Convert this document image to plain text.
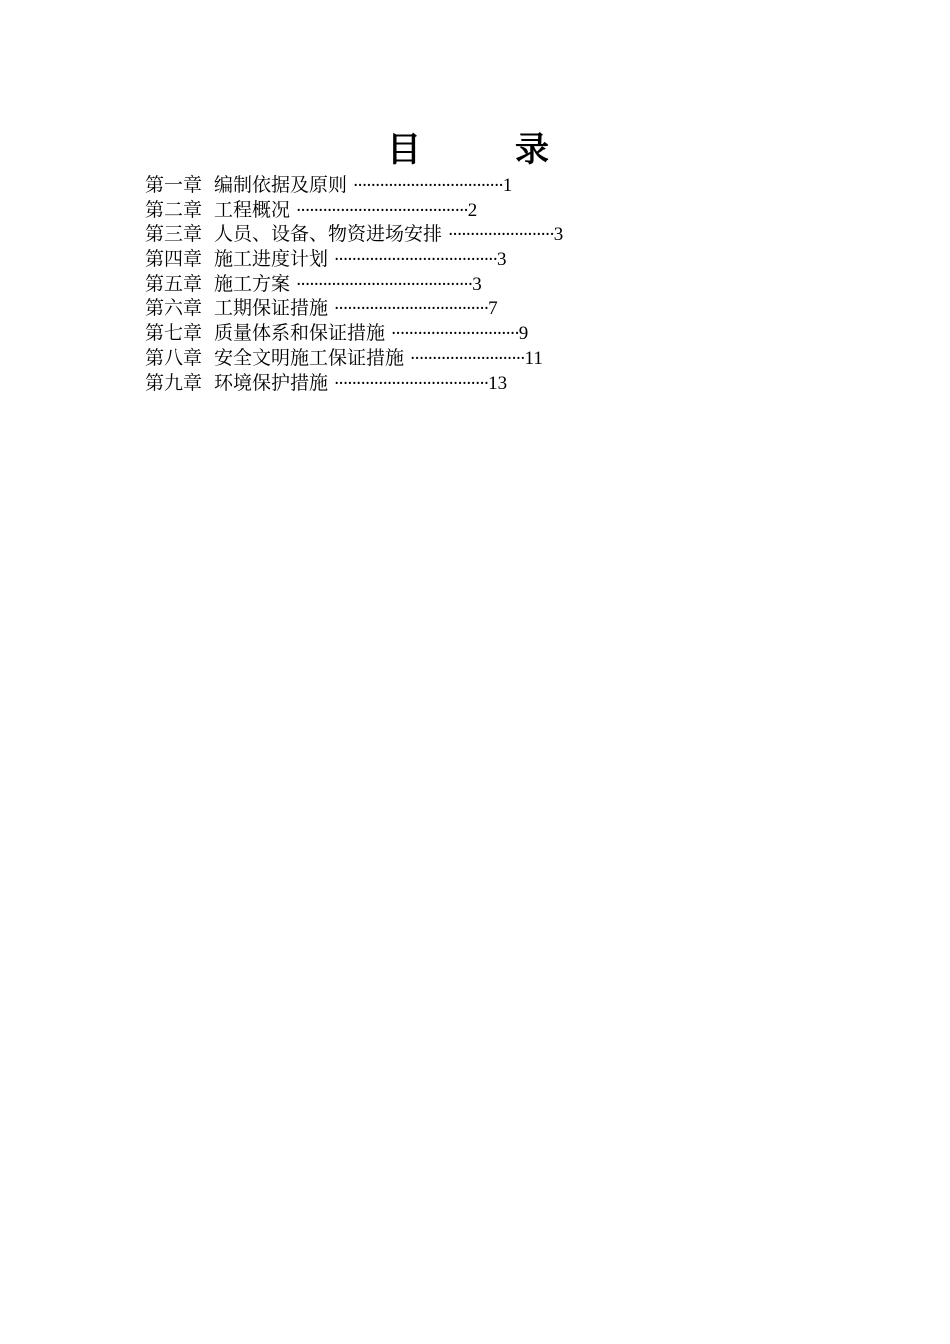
目　录
第一章 编制依据及原则 ··································1
第二章 工程概况 ·······································2
第三章 人员、设备、物资进场安排 ························3
第四章 施工进度计划 ·····································3
第五章 施工方案 ········································3
第六章 工期保证措施 ···································7
第七章 质量体系和保证措施 ·····························9
第八章 安全文明施工保证措施 ··························11
第九章 环境保护措施 ···································13
